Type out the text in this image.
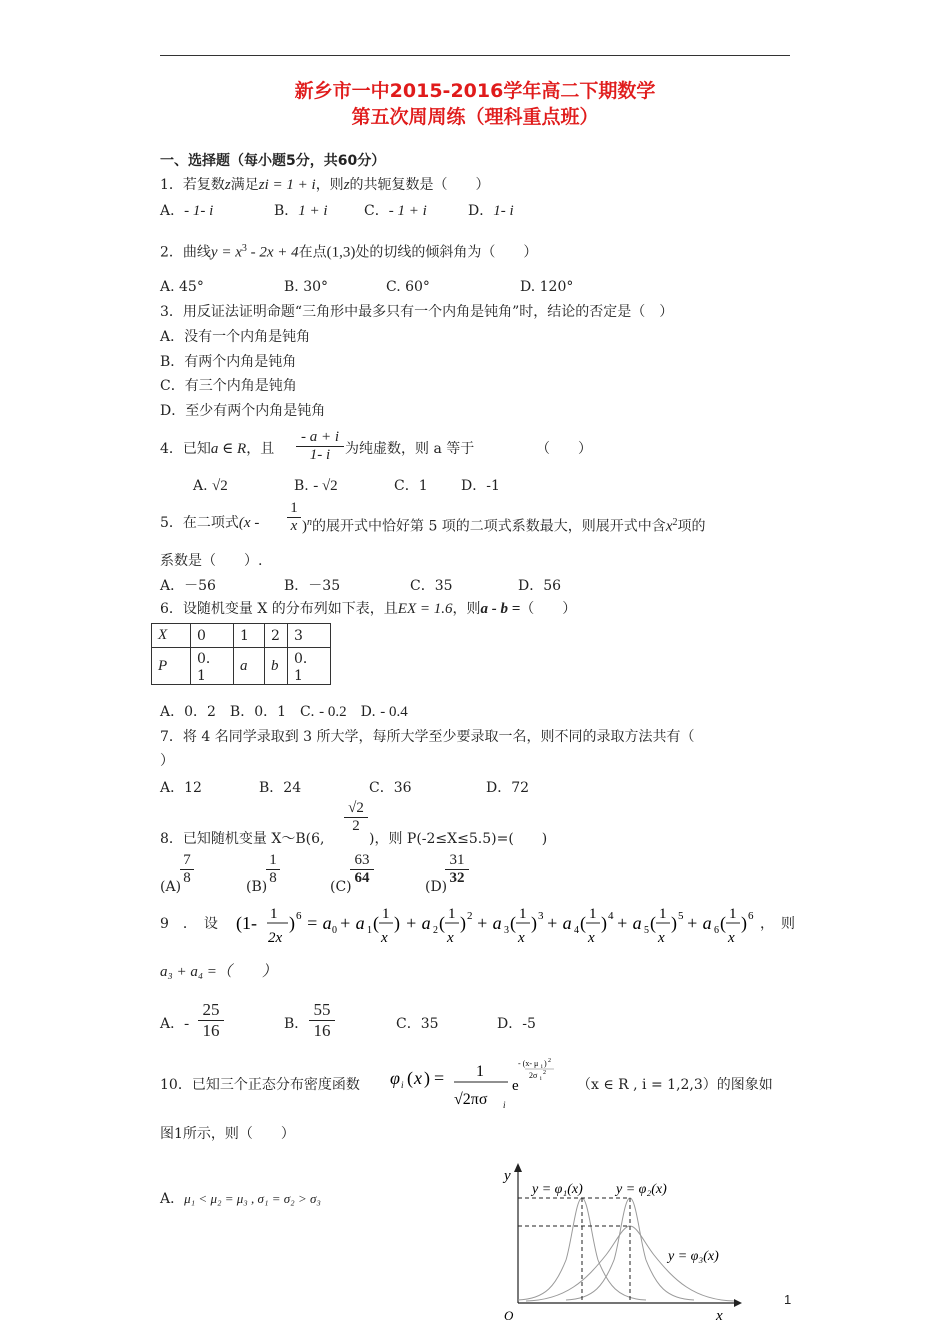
新乡市一中2015-2016学年高二下期数学
第五次周周练（理科重点班）
一、选择题（每小题5分，共60分）
1．若复数z满足zi = 1 + i，则z的共轭复数是（　　）
A．- 1- i	B．1 + i	C．- 1 + i	D．1- i
2．曲线$y = x^3 - 2x + 4$在点(1,3)处的切线的倾斜角为（　　）
A. 45°	B. 30°	C. 60°	D. 120°
3．用反证法证明命题“三角形中最多只有一个内角是钝角”时，结论的否定是（　）
A．没有一个内角是钝角
B．有两个内角是钝角
C．有三个内角是钝角
D．至少有两个内角是钝角
4．已知a ∈ R，且 $\frac{- a + i}{1- i}$ 为纯虚数，则 a 等于	（　　）
A. √2	B. - √2	C．1 D．-1
5．在二项式$(x - \frac{1}{x} )^n$的展开式中恰好第 5 项的二项式系数最大，则展开式中含$x^2$项的
系数是（　　）.
A．－56	B．－35	C．35	D．56
6．设随机变量 X 的分布列如下表，且EX = 1.6，则a - b =（　　）
X	0	1	2	3
P	0．1	a	b	0．1
A．0．2　B．0．1　C. - 0.2　 D. - 0.4
7．将 4 名同学录取到 3 所大学，每所大学至少要录取一名，则不同的录取方法共有（
）
A．12	B．24	C．36	D．72
8．已知随机变量 X～B(6,
$\frac{√2}{2}$
)，则 P(-2≤X≤5.5)=(　　)
(A)
$\frac{7}{8}$	(B)
$\frac{1}{8}$	(C)
$\frac{63}{64}$	(D)
$\frac{31}{32}$
9　．　设 (1- 1
2x
) 6 = a 0 + a 1 ( 1
x
) + a 2 ( 1
x
) 2 + a 3 ( 1
x
) 3 + a 4 ( 1
x
) 4 + a 5 ( 1
x
) 5 + a 6 ( 1
x
) 6 ，　则
a₃ + a₄ =（　　）
A．- $\frac{25}{16}$	B． $\frac{55}{16}$	C．35	D．-5
10．已知三个正态分布密度函数 φ i ( x ) = 1
√2πσ i
e
- (x- μ i ) 2
2σ i
2
（x ∈ R , i = 1,2,3）的图象如
图1所示，则（　　）
A．μ₁ < μ₂ = μ₃ , σ₁ = σ₂ > σ₃
y
x
O
y = φ₁(x) y = φ₂(x)
y = φ₃(x)
1
